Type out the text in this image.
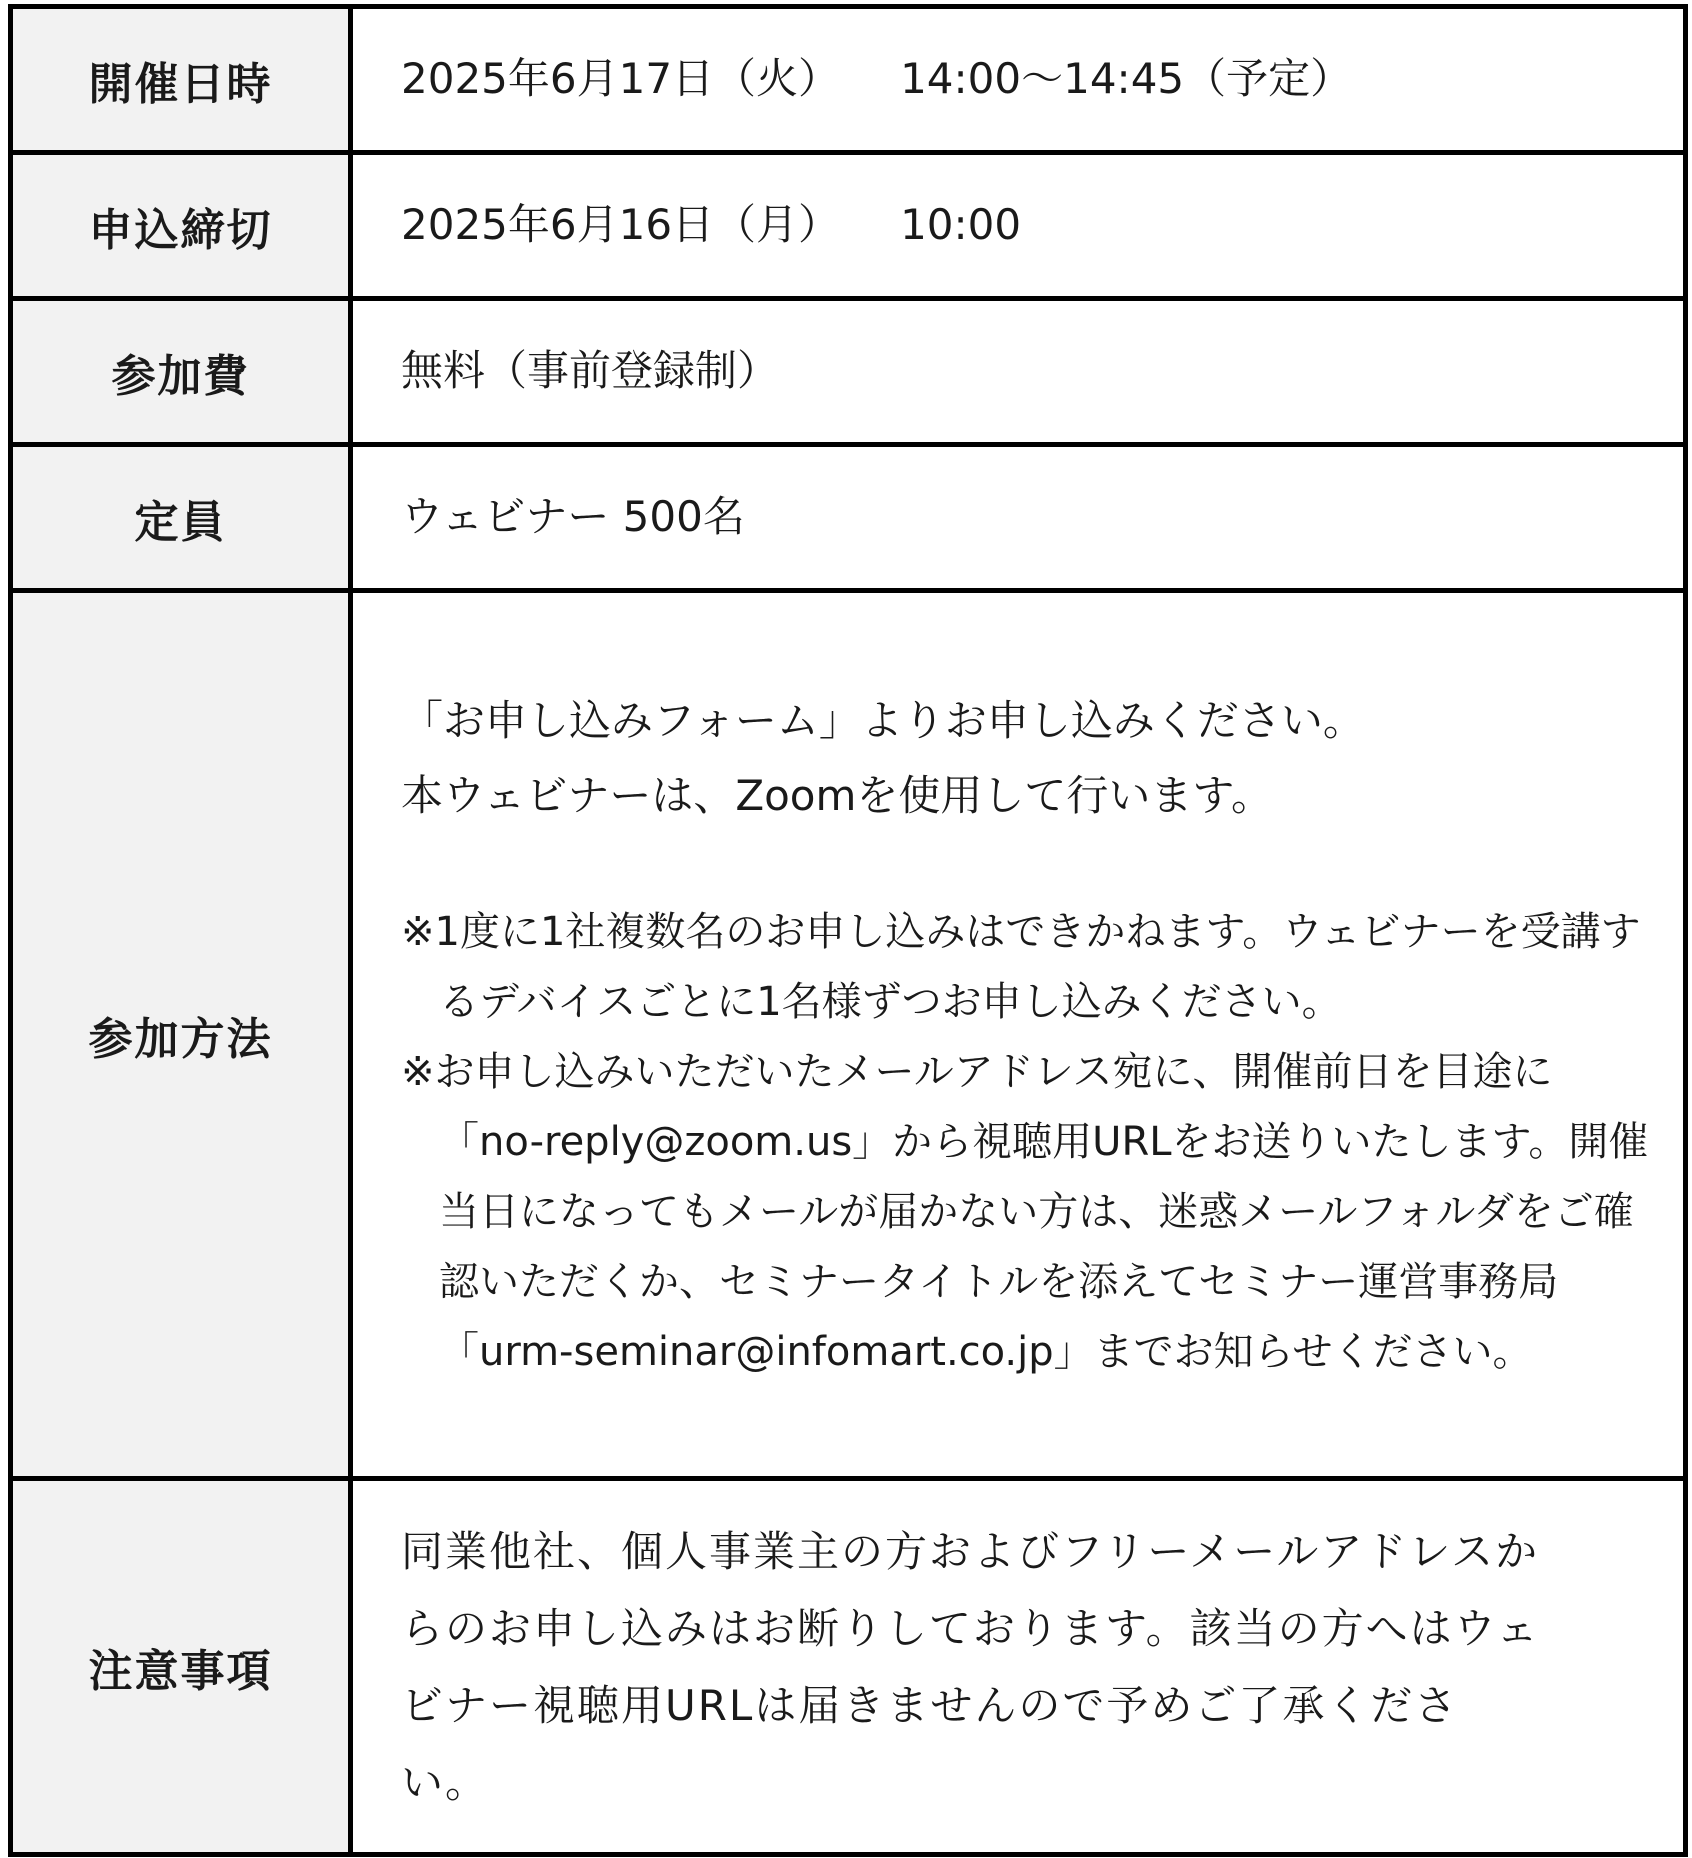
開催日時	2025年6月17日（火） 14:00～14:45（予定）

申込締切	2025年6月16日（月） 10:00

参加費	無料（事前登録制）

定員	ウェビナー 500名

参加方法	「お申し込みフォーム」よりお申し込みください。
本ウェビナーは、Zoomを使用して行います。
※1度に1社複数名のお申し込みはできかねます。ウェビナーを受講するデバイスごとに1名様ずつお申し込みください。
※お申し込みいただいたメールアドレス宛に、開催前日を目途に「no-reply@zoom.us」から視聴用URLをお送りいたします。開催当日になってもメールが届かない方は、迷惑メールフォルダをご確認いただくか、セミナータイトルを添えてセミナー運営事務局「urm-seminar@infomart.co.jp」までお知らせください。

注意事項	同業他社、個人事業主の方およびフリーメールアドレスからのお申し込みはお断りしております。該当の方へはウェビナー視聴用URLは届きませんので予めご了承ください。
